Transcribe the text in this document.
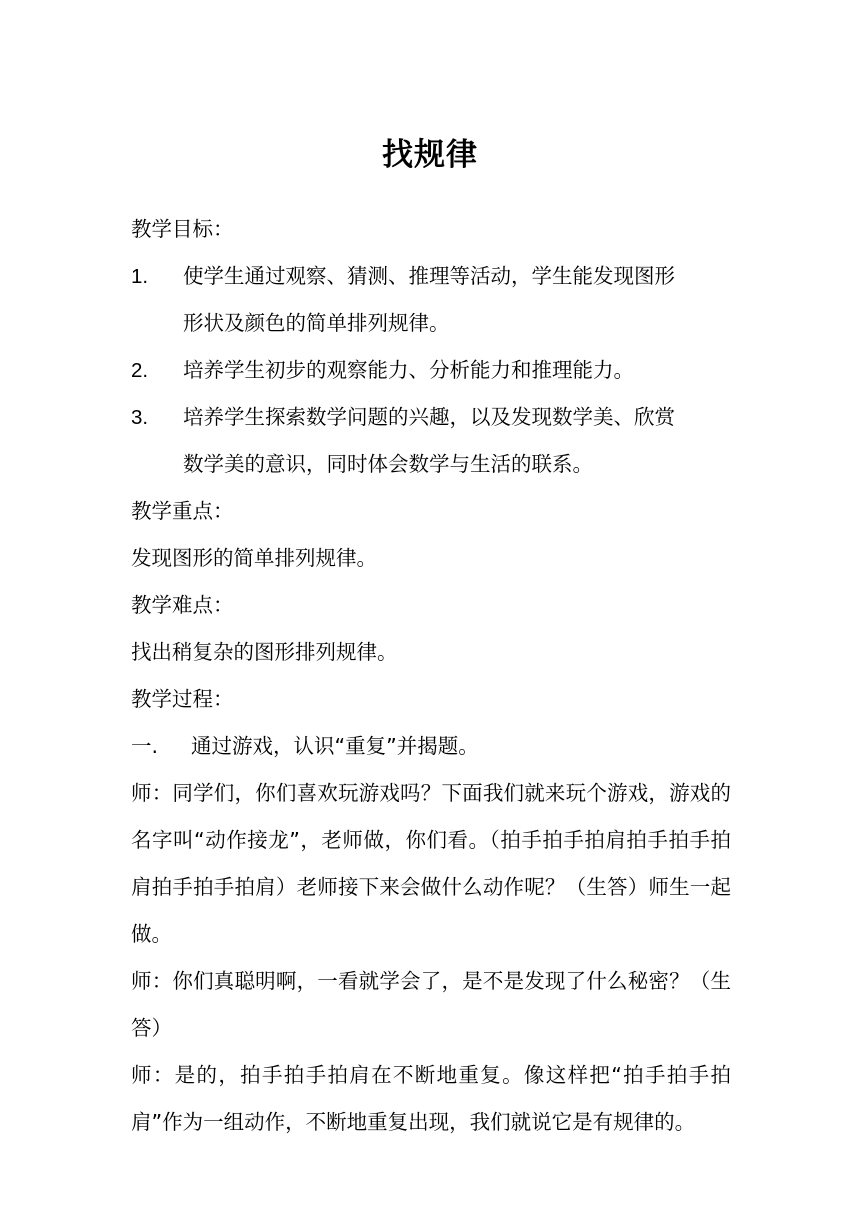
找规律

教学目标：

1.	使学生通过观察、猜测、推理等活动，学生能发现图形

形状及颜色的简单排列规律。

2.	培养学生初步的观察能力、分析能力和推理能力。
3.	培养学生探索数学问题的兴趣，以及发现数学美、欣赏

数学美的意识，同时体会数学与生活的联系。

教学重点：

发现图形的简单排列规律。

教学难点：

找出稍复杂的图形排列规律。

教学过程：

一.	通过游戏，认识“重复”并揭题。

师：同学们，你们喜欢玩游戏吗？下面我们就来玩个游戏，游戏的名字叫“动作接龙”，老师做，你们看。（拍手拍手拍肩拍手拍手拍肩拍手拍手拍肩）老师接下来会做什么动作呢？（生答）师生一起做。

师：你们真聪明啊，一看就学会了，是不是发现了什么秘密？（生答）

师：是的，拍手拍手拍肩在不断地重复。像这样把“拍手拍手拍肩”作为一组动作，不断地重复出现，我们就说它是有规律的。
